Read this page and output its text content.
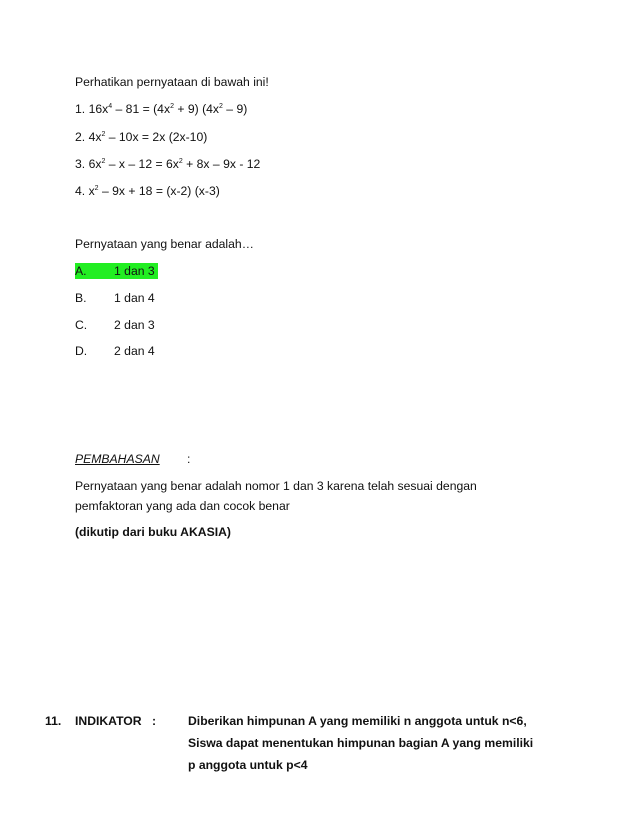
Perhatikan pernyataan di bawah ini!
1. $16x^4 - 81 = (4x^2 + 9)$ $(4x^2 - 9)$
2. $4x^2 - 10x = 2x$ (2x-10)
3. $6x^2 - x - 12 = 6x^2 + 8x - 9x - 12$
4. $x^2 - 9x + 18 = (x-2)$ (x-3)
Pernyataan yang benar adalah…
A. 1 dan 3
B. 1 dan 4
C. 2 dan 3
D. 2 dan 4
PEMBAHASAN :
Pernyataan yang benar adalah nomor 1 dan 3 karena telah sesuai dengan
pemfaktoran yang ada dan cocok benar
(dikutip dari buku AKASIA)
11. INDIKATOR :	Diberikan himpunan A yang memiliki n anggota untuk n<6,
Siswa dapat menentukan himpunan bagian A yang memiliki
p anggota untuk p<4
